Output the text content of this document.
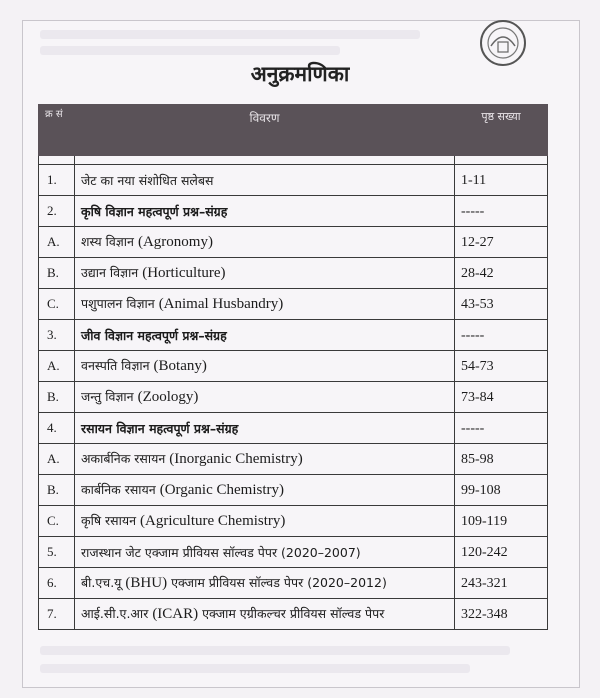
अनुक्रमणिका
क्र सं	विवरण	पृष्ठ सख्या

1.	जेट का नया संशोधित सलेबस	1-11
2.	कृषि विज्ञान महत्वपूर्ण प्रश्न–संग्रह	-----
A.	शस्य विज्ञान (Agronomy)	12-27
B.	उद्यान विज्ञान (Horticulture)	28-42
C.	पशुपालन विज्ञान (Animal Husbandry)	43-53
3.	जीव विज्ञान महत्वपूर्ण प्रश्न–संग्रह	-----
A.	वनस्पति विज्ञान (Botany)	54-73
B.	जन्तु विज्ञान (Zoology)	73-84
4.	रसायन विज्ञान महत्वपूर्ण प्रश्न–संग्रह	-----
A.	अकार्बनिक रसायन (Inorganic Chemistry)	85-98
B.	कार्बनिक रसायन (Organic Chemistry)	99-108
C.	कृषि रसायन (Agriculture Chemistry)	109-119
5.	राजस्थान जेट एक्जाम प्रीवियस सॉल्वड पेपर (2020–2007)	120-242
6.	बी.एच.यू (BHU) एक्जाम प्रीवियस सॉल्वड पेपर (2020–2012)	243-321
7.	आई.सी.ए.आर (ICAR) एक्जाम एग्रीकल्चर प्रीवियस सॉल्वड पेपर	322-348
